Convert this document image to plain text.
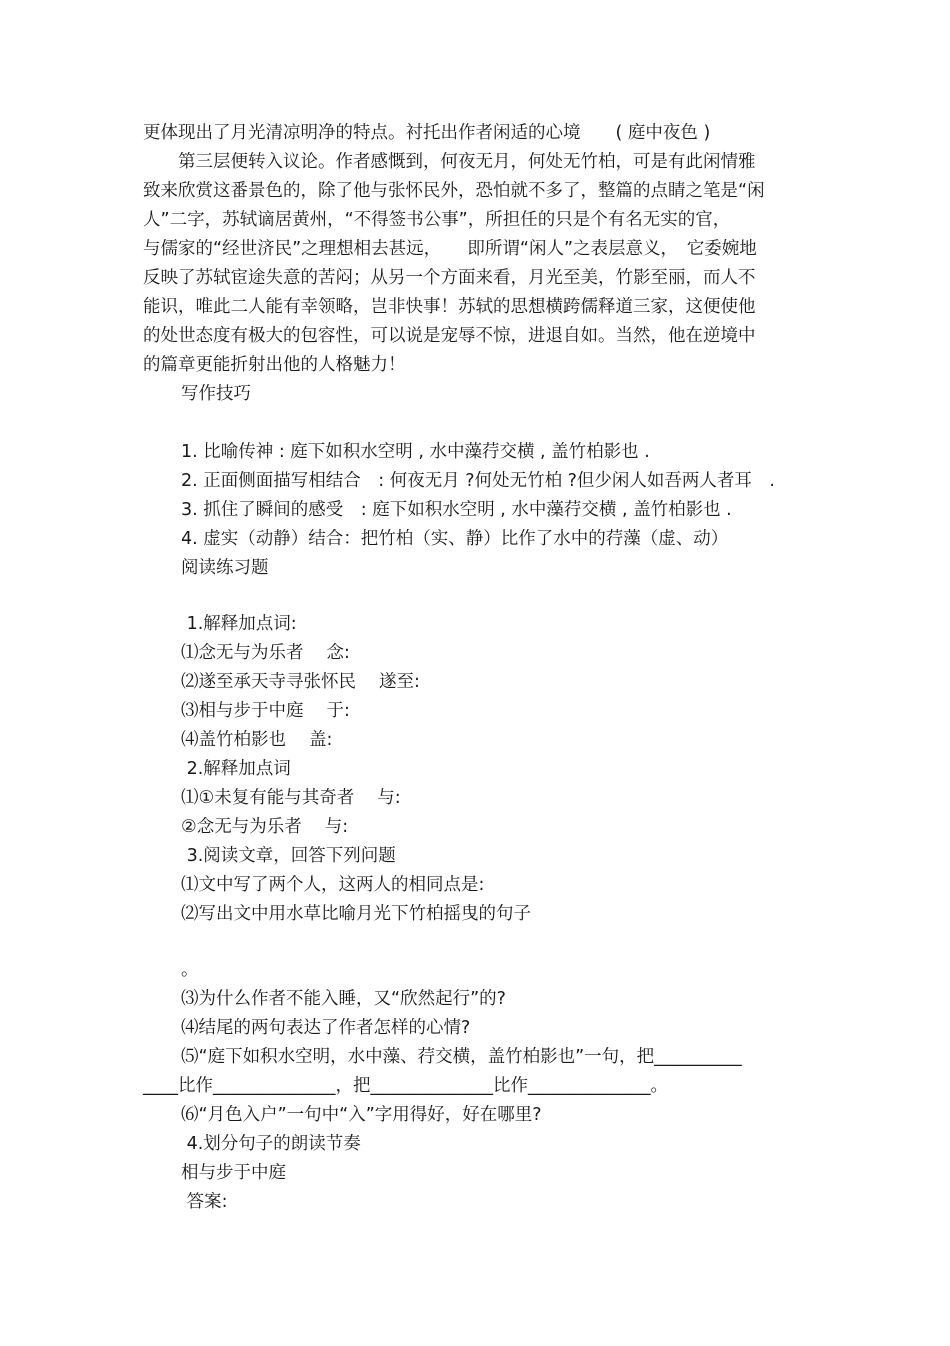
更体现出了月光清凉明净的特点。衬托出作者闲适的心境　　( 庭中夜色 )

　　第三层便转入议论。作者感慨到，何夜无月，何处无竹柏，可是有此闲情雅

致来欣赏这番景色的，除了他与张怀民外，恐怕就不多了，整篇的点睛之笔是“闲

人”二字，苏轼谪居黄州，“不得签书公事”，所担任的只是个有名无实的官，

与儒家的“经世济民”之理想相去甚远，　　即所谓“闲人”之表层意义，　它委婉地

反映了苏轼宦途失意的苦闷；从另一个方面来看，月光至美，竹影至丽，而人不

能识，唯此二人能有幸领略，岂非快事！苏轼的思想横跨儒释道三家，这便使他

的处世态度有极大的包容性，可以说是宠辱不惊，进退自如。当然，他在逆境中

的篇章更能折射出他的人格魅力！

写作技巧

1. 比喻传神 : 庭下如积水空明 , 水中藻荇交横 , 盖竹柏影也 .

2. 正面侧面描写相结合　: 何夜无月 ?何处无竹柏 ?但少闲人如吾两人者耳　.

3. 抓住了瞬间的感受　: 庭下如积水空明 , 水中藻荇交横 , 盖竹柏影也 .

4. 虚实（动静）结合：把竹柏（实、静）比作了水中的荇藻（虚、动）

阅读练习题

1.解释加点词:

⑴念无与为乐者　 念:

⑵遂至承天寺寻张怀民　 遂至:

⑶相与步于中庭　 于:

⑷盖竹柏影也　 盖:

2.解释加点词

⑴①未复有能与其奇者　 与:

②念无与为乐者　 与:

3.阅读文章，回答下列问题

⑴文中写了两个人，这两人的相同点是:

⑵写出文中用水草比喻月光下竹柏摇曳的句子

。

⑶为什么作者不能入睡，又“欣然起行”的?

⑷结尾的两句表达了作者怎样的心情?

⑸“庭下如积水空明，水中藻、荇交横，盖竹柏影也”一句，把__________

____比作______________，把______________比作______________。

⑹“月色入户”一句中“入”字用得好，好在哪里?

4.划分句子的朗读节奏

相与步于中庭

答案:
